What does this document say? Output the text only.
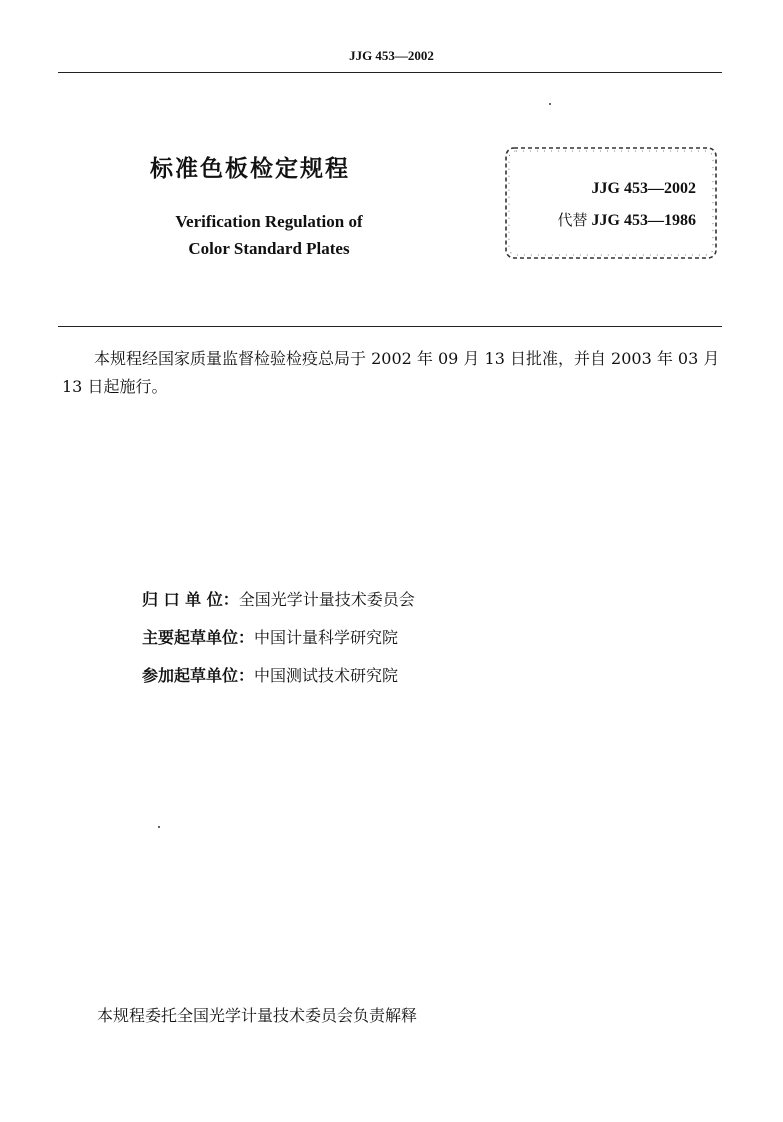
JJG 453—2002
标准色板检定规程
Verification Regulation of
Color Standard Plates
JJG 453—2002
代替 JJG 453—1986
本规程经国家质量监督检验检疫总局于 2002 年 09 月 13 日批准，并自 2003 年 03 月 13 日起施行。
归 口 单 位：全国光学计量技术委员会
主要起草单位：中国计量科学研究院
参加起草单位：中国测试技术研究院
本规程委托全国光学计量技术委员会负责解释
